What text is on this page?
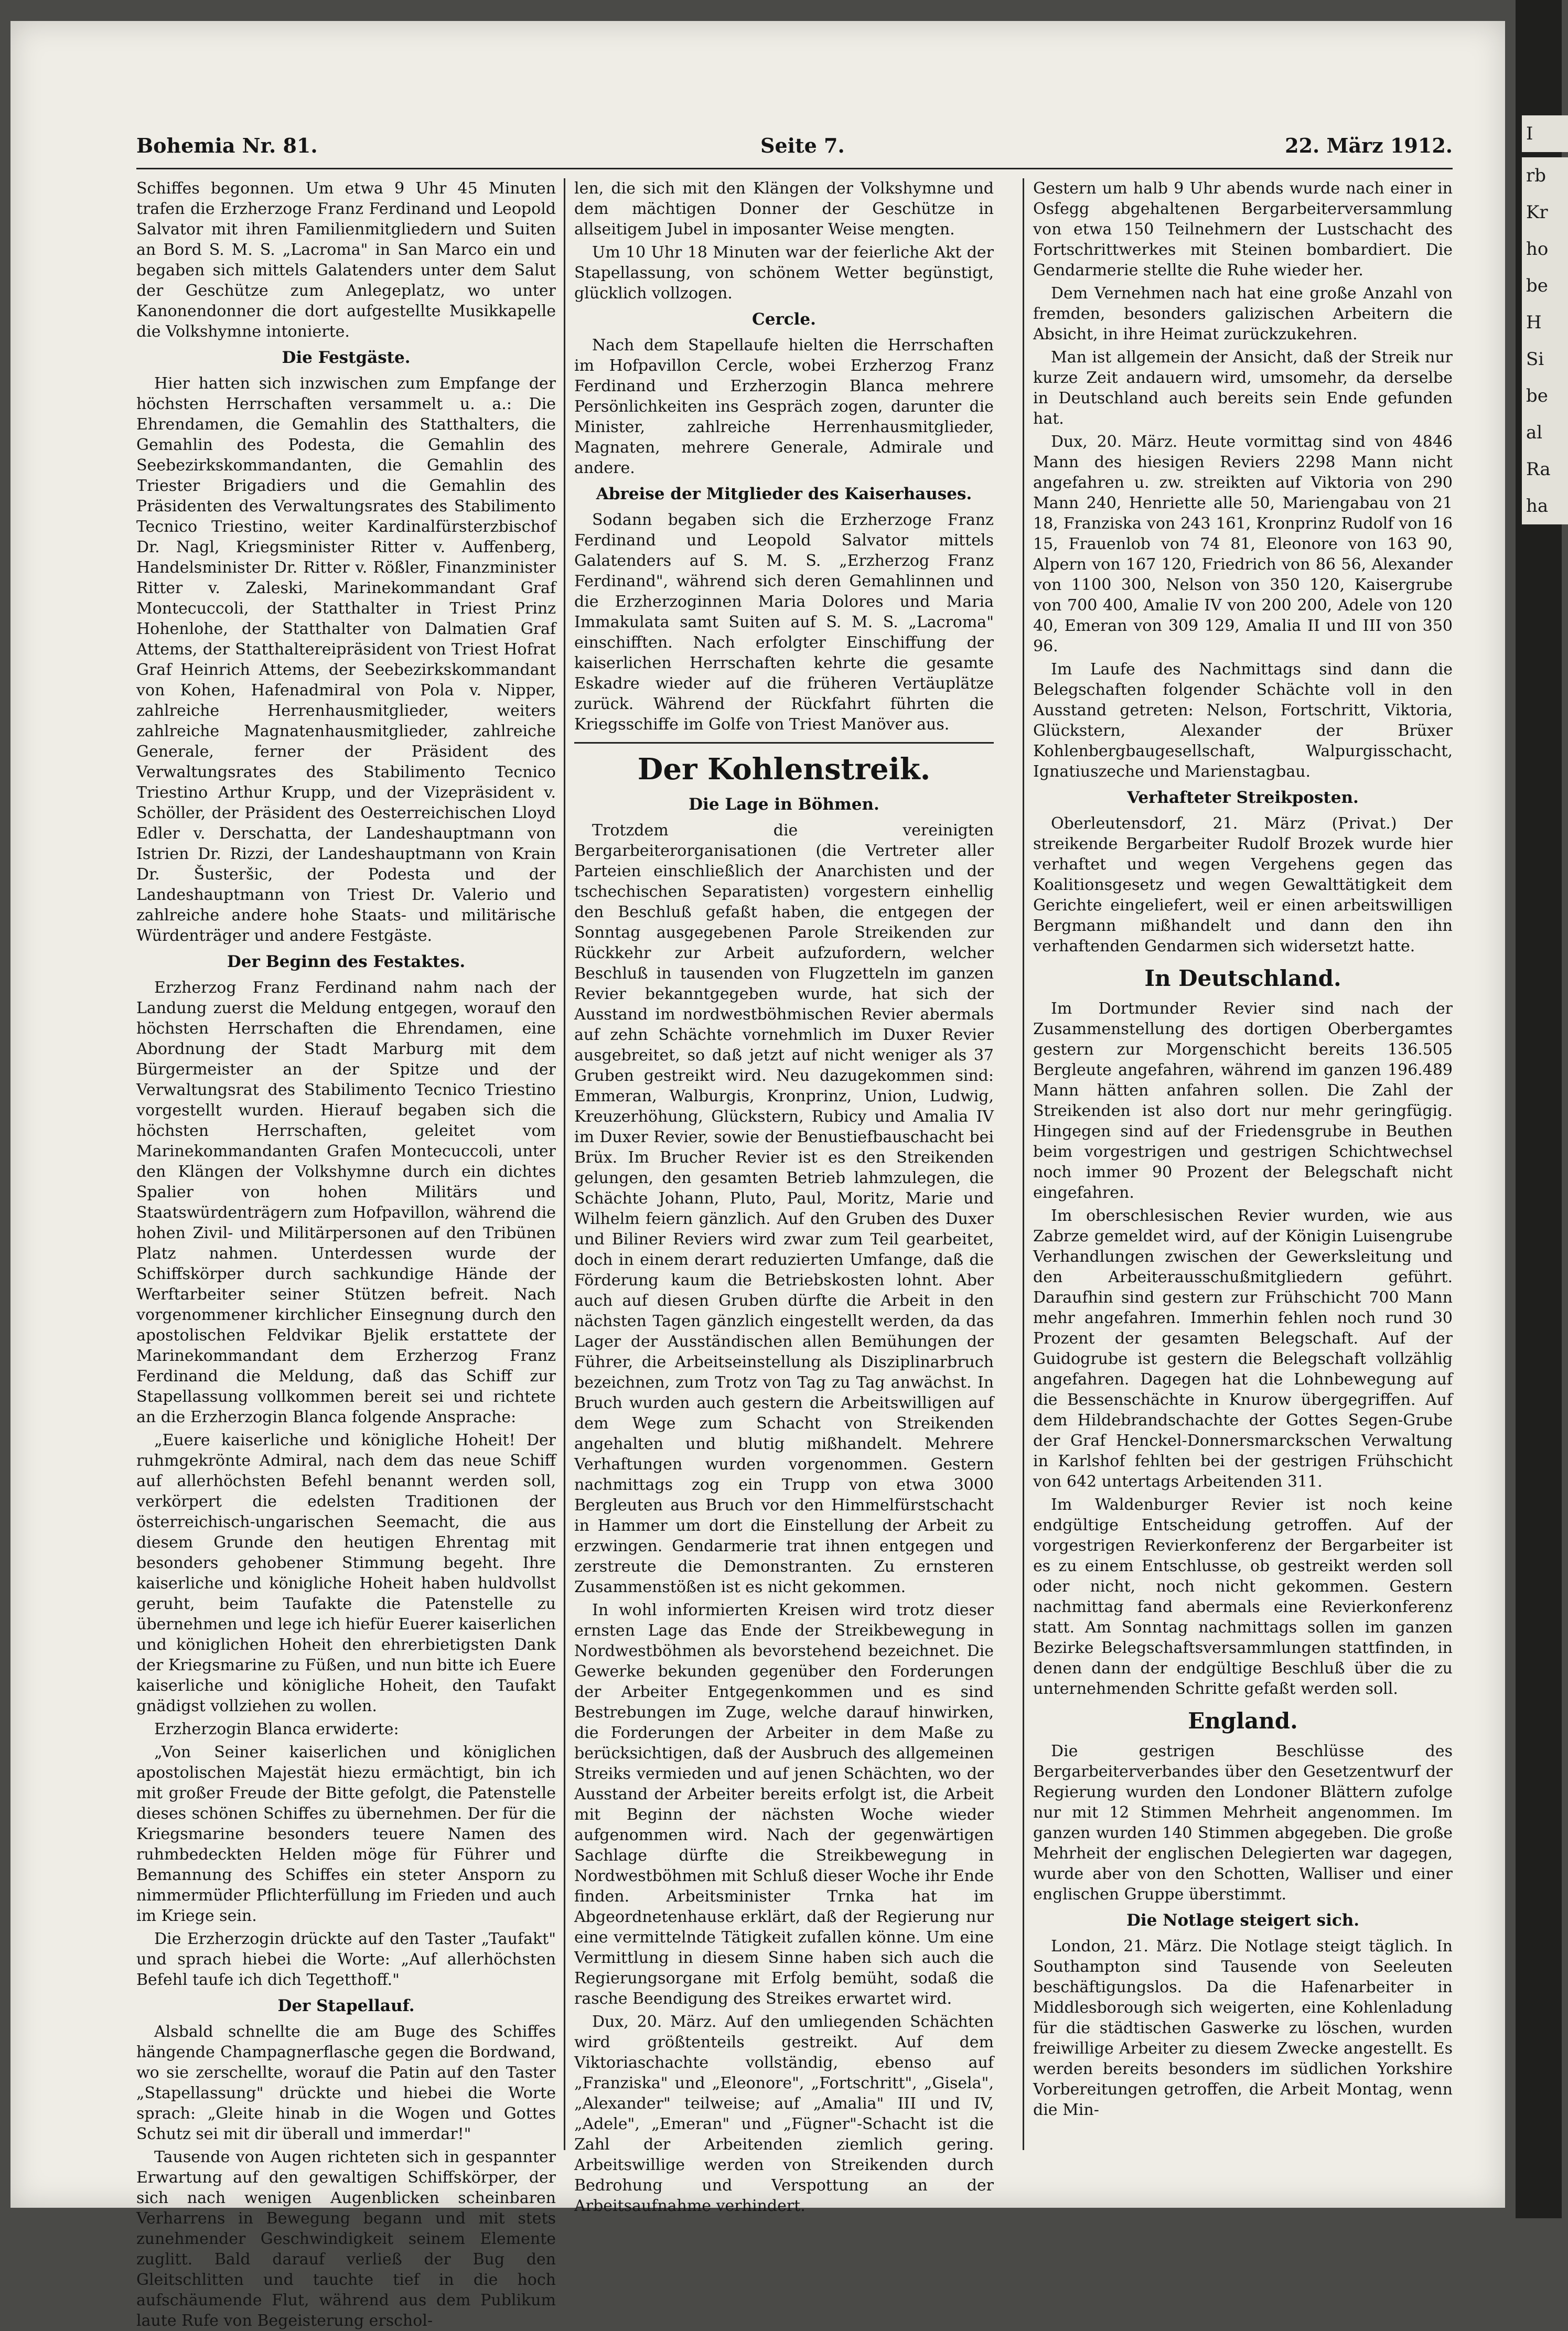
Bohemia Nr. 81.	Seite 7.	22. März 1912.

Schiffes begonnen. Um etwa 9 Uhr 45 Minuten trafen die Erzherzoge Franz Ferdinand und Leopold Salvator mit ihren Familienmitgliedern und Suiten an Bord S. M. S. „Lacroma" in San Marco ein und begaben sich mittels Galatenders unter dem Salut der Geschütze zum Anlegeplatz, wo unter Kanonendonner die dort aufgestellte Musikkapelle die Volkshymne intonierte.

Die Festgäste.

Hier hatten sich inzwischen zum Empfange der höchsten Herrschaften versammelt u. a.: Die Ehrendamen, die Gemahlin des Statthalters, die Gemahlin des Podesta, die Gemahlin des Seebezirkskommandanten, die Gemahlin des Triester Brigadiers und die Gemahlin des Präsidenten des Verwaltungsrates des Stabilimento Tecnico Triestino, weiter Kardinalfürsterzbischof Dr. Nagl, Kriegsminister Ritter v. Auffenberg, Handelsminister Dr. Ritter v. Rößler, Finanzminister Ritter v. Zaleski, Marinekommandant Graf Montecuccoli, der Statthalter in Triest Prinz Hohenlohe, der Statthalter von Dalmatien Graf Attems, der Statthaltereipräsident von Triest Hofrat Graf Heinrich Attems, der Seebezirkskommandant von Kohen, Hafenadmiral von Pola v. Nipper, zahlreiche Herrenhausmitglieder, weiters zahlreiche Magnatenhausmitglieder, zahlreiche Generale, ferner der Präsident des Verwaltungsrates des Stabilimento Tecnico Triestino Arthur Krupp, und der Vizepräsident v. Schöller, der Präsident des Oesterreichischen Lloyd Edler v. Derschatta, der Landeshauptmann von Istrien Dr. Rizzi, der Landeshauptmann von Krain Dr. Šusteršic, der Podesta und der Landeshauptmann von Triest Dr. Valerio und zahlreiche andere hohe Staats- und militärische Würdenträger und andere Festgäste.

Der Beginn des Festaktes.

Erzherzog Franz Ferdinand nahm nach der Landung zuerst die Meldung entgegen, worauf den höchsten Herrschaften die Ehrendamen, eine Abordnung der Stadt Marburg mit dem Bürgermeister an der Spitze und der Verwaltungsrat des Stabilimento Tecnico Triestino vorgestellt wurden. Hierauf begaben sich die höchsten Herrschaften, geleitet vom Marinekommandanten Grafen Montecuccoli, unter den Klängen der Volkshymne durch ein dichtes Spalier von hohen Militärs und Staatswürdenträgern zum Hofpavillon, während die hohen Zivil- und Militärpersonen auf den Tribünen Platz nahmen. Unterdessen wurde der Schiffskörper durch sachkundige Hände der Werftarbeiter seiner Stützen befreit. Nach vorgenommener kirchlicher Einsegnung durch den apostolischen Feldvikar Bjelik erstattete der Marinekommandant dem Erzherzog Franz Ferdinand die Meldung, daß das Schiff zur Stapellassung vollkommen bereit sei und richtete an die Erzherzogin Blanca folgende Ansprache:

„Euere kaiserliche und königliche Hoheit! Der ruhmgekrönte Admiral, nach dem das neue Schiff auf allerhöchsten Befehl benannt werden soll, verkörpert die edelsten Traditionen der österreichisch-ungarischen Seemacht, die aus diesem Grunde den heutigen Ehrentag mit besonders gehobener Stimmung begeht. Ihre kaiserliche und königliche Hoheit haben huldvollst geruht, beim Taufakte die Patenstelle zu übernehmen und lege ich hiefür Euerer kaiserlichen und königlichen Hoheit den ehrerbietigsten Dank der Kriegsmarine zu Füßen, und nun bitte ich Euere kaiserliche und königliche Hoheit, den Taufakt gnädigst vollziehen zu wollen.

Erzherzogin Blanca erwiderte:

„Von Seiner kaiserlichen und königlichen apostolischen Majestät hiezu ermächtigt, bin ich mit großer Freude der Bitte gefolgt, die Patenstelle dieses schönen Schiffes zu übernehmen. Der für die Kriegsmarine besonders teuere Namen des ruhmbedeckten Helden möge für Führer und Bemannung des Schiffes ein steter Ansporn zu nimmermüder Pflichterfüllung im Frieden und auch im Kriege sein.

Die Erzherzogin drückte auf den Taster „Taufakt" und sprach hiebei die Worte: „Auf allerhöchsten Befehl taufe ich dich Tegetthoff."

Der Stapellauf.

Alsbald schnellte die am Buge des Schiffes hängende Champagnerflasche gegen die Bordwand, wo sie zerschellte, worauf die Patin auf den Taster „Stapellassung" drückte und hiebei die Worte sprach: „Gleite hinab in die Wogen und Gottes Schutz sei mit dir überall und immerdar!"

Tausende von Augen richteten sich in gespannter Erwartung auf den gewaltigen Schiffskörper, der sich nach wenigen Augenblicken scheinbaren Verharrens in Bewegung begann und mit stets zunehmender Geschwindigkeit seinem Elemente zuglitt. Bald darauf verließ der Bug den Gleitschlitten und tauchte tief in die hoch aufschäumende Flut, während aus dem Publikum laute Rufe von Begeisterung erschol-

len, die sich mit den Klängen der Volkshymne und dem mächtigen Donner der Geschütze in allseitigem Jubel in imposanter Weise mengten.

Um 10 Uhr 18 Minuten war der feierliche Akt der Stapellassung, von schönem Wetter begünstigt, glücklich vollzogen.

Cercle.

Nach dem Stapellaufe hielten die Herrschaften im Hofpavillon Cercle, wobei Erzherzog Franz Ferdinand und Erzherzogin Blanca mehrere Persönlichkeiten ins Gespräch zogen, darunter die Minister, zahlreiche Herrenhausmitglieder, Magnaten, mehrere Generale, Admirale und andere.

Abreise der Mitglieder des Kaiserhauses.

Sodann begaben sich die Erzherzoge Franz Ferdinand und Leopold Salvator mittels Galatenders auf S. M. S. „Erzherzog Franz Ferdinand", während sich deren Gemahlinnen und die Erzherzoginnen Maria Dolores und Maria Immakulata samt Suiten auf S. M. S. „Lacroma" einschifften. Nach erfolgter Einschiffung der kaiserlichen Herrschaften kehrte die gesamte Eskadre wieder auf die früheren Vertäuplätze zurück. Während der Rückfahrt führten die Kriegsschiffe im Golfe von Triest Manöver aus.

Der Kohlenstreik.
Die Lage in Böhmen.

Trotzdem die vereinigten Bergarbeiterorganisationen (die Vertreter aller Parteien einschließlich der Anarchisten und der tschechischen Separatisten) vorgestern einhellig den Beschluß gefaßt haben, die entgegen der Sonntag ausgegebenen Parole Streikenden zur Rückkehr zur Arbeit aufzufordern, welcher Beschluß in tausenden von Flugzetteln im ganzen Revier bekanntgegeben wurde, hat sich der Ausstand im nordwestböhmischen Revier abermals auf zehn Schächte vornehmlich im Duxer Revier ausgebreitet, so daß jetzt auf nicht weniger als 37 Gruben gestreikt wird. Neu dazugekommen sind: Emmeran, Walburgis, Kronprinz, Union, Ludwig, Kreuzerhöhung, Glückstern, Rubicy und Amalia IV im Duxer Revier, sowie der Benustiefbauschacht bei Brüx. Im Brucher Revier ist es den Streikenden gelungen, den gesamten Betrieb lahmzulegen, die Schächte Johann, Pluto, Paul, Moritz, Marie und Wilhelm feiern gänzlich. Auf den Gruben des Duxer und Biliner Reviers wird zwar zum Teil gearbeitet, doch in einem derart reduzierten Umfange, daß die Förderung kaum die Betriebskosten lohnt. Aber auch auf diesen Gruben dürfte die Arbeit in den nächsten Tagen gänzlich eingestellt werden, da das Lager der Ausständischen allen Bemühungen der Führer, die Arbeitseinstellung als Disziplinarbruch bezeichnen, zum Trotz von Tag zu Tag anwächst. In Bruch wurden auch gestern die Arbeitswilligen auf dem Wege zum Schacht von Streikenden angehalten und blutig mißhandelt. Mehrere Verhaftungen wurden vorgenommen. Gestern nachmittags zog ein Trupp von etwa 3000 Bergleuten aus Bruch vor den Himmelfürstschacht in Hammer um dort die Einstellung der Arbeit zu erzwingen. Gendarmerie trat ihnen entgegen und zerstreute die Demonstranten. Zu ernsteren Zusammenstößen ist es nicht gekommen.

In wohl informierten Kreisen wird trotz dieser ernsten Lage das Ende der Streikbewegung in Nordwestböhmen als bevorstehend bezeichnet. Die Gewerke bekunden gegenüber den Forderungen der Arbeiter Entgegenkommen und es sind Bestrebungen im Zuge, welche darauf hinwirken, die Forderungen der Arbeiter in dem Maße zu berücksichtigen, daß der Ausbruch des allgemeinen Streiks vermieden und auf jenen Schächten, wo der Ausstand der Arbeiter bereits erfolgt ist, die Arbeit mit Beginn der nächsten Woche wieder aufgenommen wird. Nach der gegenwärtigen Sachlage dürfte die Streikbewegung in Nordwestböhmen mit Schluß dieser Woche ihr Ende finden. Arbeitsminister Trnka hat im Abgeordnetenhause erklärt, daß der Regierung nur eine vermittelnde Tätigkeit zufallen könne. Um eine Vermittlung in diesem Sinne haben sich auch die Regierungsorgane mit Erfolg bemüht, sodaß die rasche Beendigung des Streikes erwartet wird.

Dux, 20. März. Auf den umliegenden Schächten wird größtenteils gestreikt. Auf dem Viktoriaschachte vollständig, ebenso auf „Franziska" und „Eleonore", „Fortschritt", „Gisela", „Alexander" teilweise; auf „Amalia" III und IV, „Adele", „Emeran" und „Fügner"-Schacht ist die Zahl der Arbeitenden ziemlich gering. Arbeitswillige werden von Streikenden durch Bedrohung und Verspottung an der Arbeitsaufnahme verhindert.

Gestern um halb 9 Uhr abends wurde nach einer in Osfegg abgehaltenen Bergarbeiterversammlung von etwa 150 Teilnehmern der Lustschacht des Fortschrittwerkes mit Steinen bombardiert. Die Gendarmerie stellte die Ruhe wieder her.

Dem Vernehmen nach hat eine große Anzahl von fremden, besonders galizischen Arbeitern die Absicht, in ihre Heimat zurückzukehren.

Man ist allgemein der Ansicht, daß der Streik nur kurze Zeit andauern wird, umsomehr, da derselbe in Deutschland auch bereits sein Ende gefunden hat.

Dux, 20. März. Heute vormittag sind von 4846 Mann des hiesigen Reviers 2298 Mann nicht angefahren u. zw. streikten auf Viktoria von 290 Mann 240, Henriette alle 50, Mariengabau von 21 18, Franziska von 243 161, Kronprinz Rudolf von 16 15, Frauenlob von 74 81, Eleonore von 163 90, Alpern von 167 120, Friedrich von 86 56, Alexander von 1100 300, Nelson von 350 120, Kaisergrube von 700 400, Amalie IV von 200 200, Adele von 120 40, Emeran von 309 129, Amalia II und III von 350 96.

Im Laufe des Nachmittags sind dann die Belegschaften folgender Schächte voll in den Ausstand getreten: Nelson, Fortschritt, Viktoria, Glückstern, Alexander der Brüxer Kohlenbergbaugesellschaft, Walpurgisschacht, Ignatiuszeche und Marienstagbau.

Verhafteter Streikposten.

Oberleutensdorf, 21. März (Privat.) Der streikende Bergarbeiter Rudolf Brozek wurde hier verhaftet und wegen Vergehens gegen das Koalitionsgesetz und wegen Gewalttätigkeit dem Gerichte eingeliefert, weil er einen arbeitswilligen Bergmann mißhandelt und dann den ihn verhaftenden Gendarmen sich widersetzt hatte.

In Deutschland.

Im Dortmunder Revier sind nach der Zusammenstellung des dortigen Oberbergamtes gestern zur Morgenschicht bereits 136.505 Bergleute angefahren, während im ganzen 196.489 Mann hätten anfahren sollen. Die Zahl der Streikenden ist also dort nur mehr geringfügig. Hingegen sind auf der Friedensgrube in Beuthen beim vorgestrigen und gestrigen Schichtwechsel noch immer 90 Prozent der Belegschaft nicht eingefahren.

Im oberschlesischen Revier wurden, wie aus Zabrze gemeldet wird, auf der Königin Luisengrube Verhandlungen zwischen der Gewerksleitung und den Arbeiterausschußmitgliedern geführt. Daraufhin sind gestern zur Frühschicht 700 Mann mehr angefahren. Immerhin fehlen noch rund 30 Prozent der gesamten Belegschaft. Auf der Guidogrube ist gestern die Belegschaft vollzählig angefahren. Dagegen hat die Lohnbewegung auf die Bessenschächte in Knurow übergegriffen. Auf dem Hildebrandschachte der Gottes Segen-Grube der Graf Henckel-Donnersmarckschen Verwaltung in Karlshof fehlten bei der gestrigen Frühschicht von 642 untertags Arbeitenden 311.

Im Waldenburger Revier ist noch keine endgültige Entscheidung getroffen. Auf der vorgestrigen Revierkonferenz der Bergarbeiter ist es zu einem Entschlusse, ob gestreikt werden soll oder nicht, noch nicht gekommen. Gestern nachmittag fand abermals eine Revierkonferenz statt. Am Sonntag nachmittags sollen im ganzen Bezirke Belegschaftsversammlungen stattfinden, in denen dann der endgültige Beschluß über die zu unternehmenden Schritte gefaßt werden soll.

England.

Die gestrigen Beschlüsse des Bergarbeiterverbandes über den Gesetzentwurf der Regierung wurden den Londoner Blättern zufolge nur mit 12 Stimmen Mehrheit angenommen. Im ganzen wurden 140 Stimmen abgegeben. Die große Mehrheit der englischen Delegierten war dagegen, wurde aber von den Schotten, Walliser und einer englischen Gruppe überstimmt.

Die Notlage steigert sich.

London, 21. März. Die Notlage steigt täglich. In Southampton sind Tausende von Seeleuten beschäftigungslos. Da die Hafenarbeiter in Middlesborough sich weigerten, eine Kohlenladung für die städtischen Gaswerke zu löschen, wurden freiwillige Arbeiter zu diesem Zwecke angestellt. Es werden bereits besonders im südlichen Yorkshire Vorbereitungen getroffen, die Arbeit Montag, wenn die Min-

I
rb
Kr
ho
be
H
Si
be
al
Ra
ha
